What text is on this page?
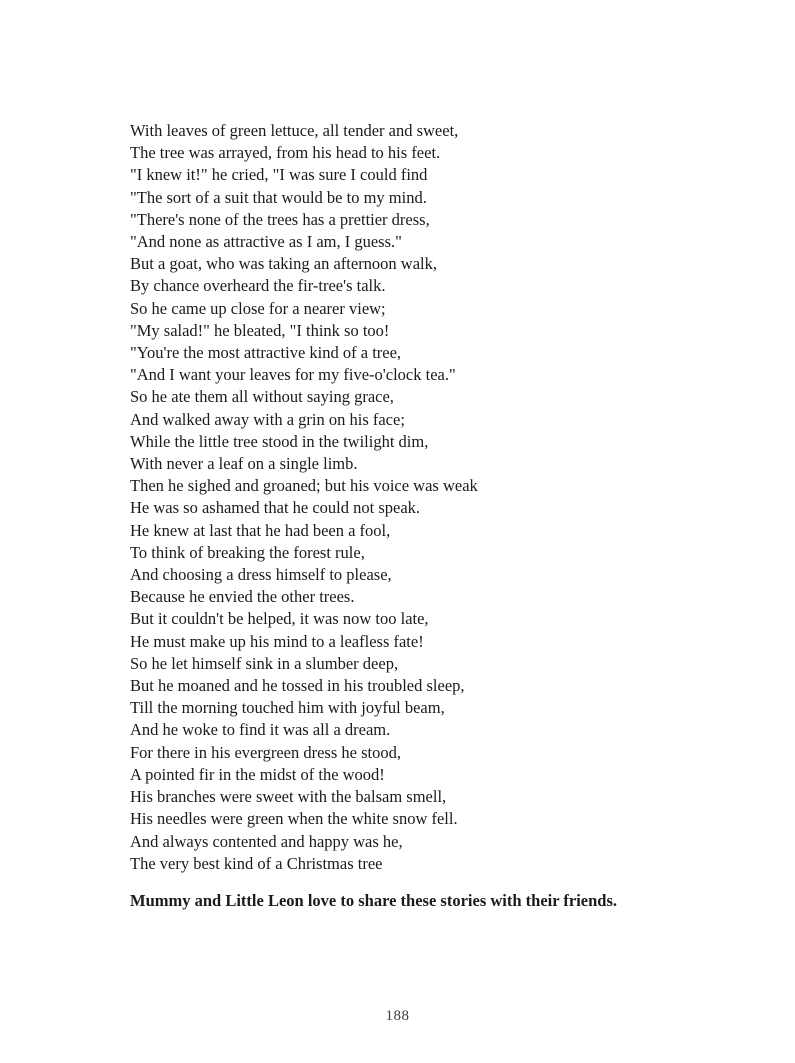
With leaves of green lettuce, all tender and sweet,
The tree was arrayed, from his head to his feet.
"I knew it!" he cried, "I was sure I could find
"The sort of a suit that would be to my mind.
"There's none of the trees has a prettier dress,
"And none as attractive as I am, I guess."
But a goat, who was taking an afternoon walk,
By chance overheard the fir-tree's talk.
So he came up close for a nearer view;
"My salad!" he bleated, "I think so too!
"You're the most attractive kind of a tree,
"And I want your leaves for my five-o'clock tea."
So he ate them all without saying grace,
And walked away with a grin on his face;
While the little tree stood in the twilight dim,
With never a leaf on a single limb.
Then he sighed and groaned; but his voice was weak
He was so ashamed that he could not speak.
He knew at last that he had been a fool,
To think of breaking the forest rule,
And choosing a dress himself to please,
Because he envied the other trees.
But it couldn't be helped, it was now too late,
He must make up his mind to a leafless fate!
So he let himself sink in a slumber deep,
But he moaned and he tossed in his troubled sleep,
Till the morning touched him with joyful beam,
And he woke to find it was all a dream.
For there in his evergreen dress he stood,
A pointed fir in the midst of the wood!
His branches were sweet with the balsam smell,
His needles were green when the white snow fell.
And always contented and happy was he,
The very best kind of a Christmas tree

Mummy and Little Leon love to share these stories with their friends.

188
